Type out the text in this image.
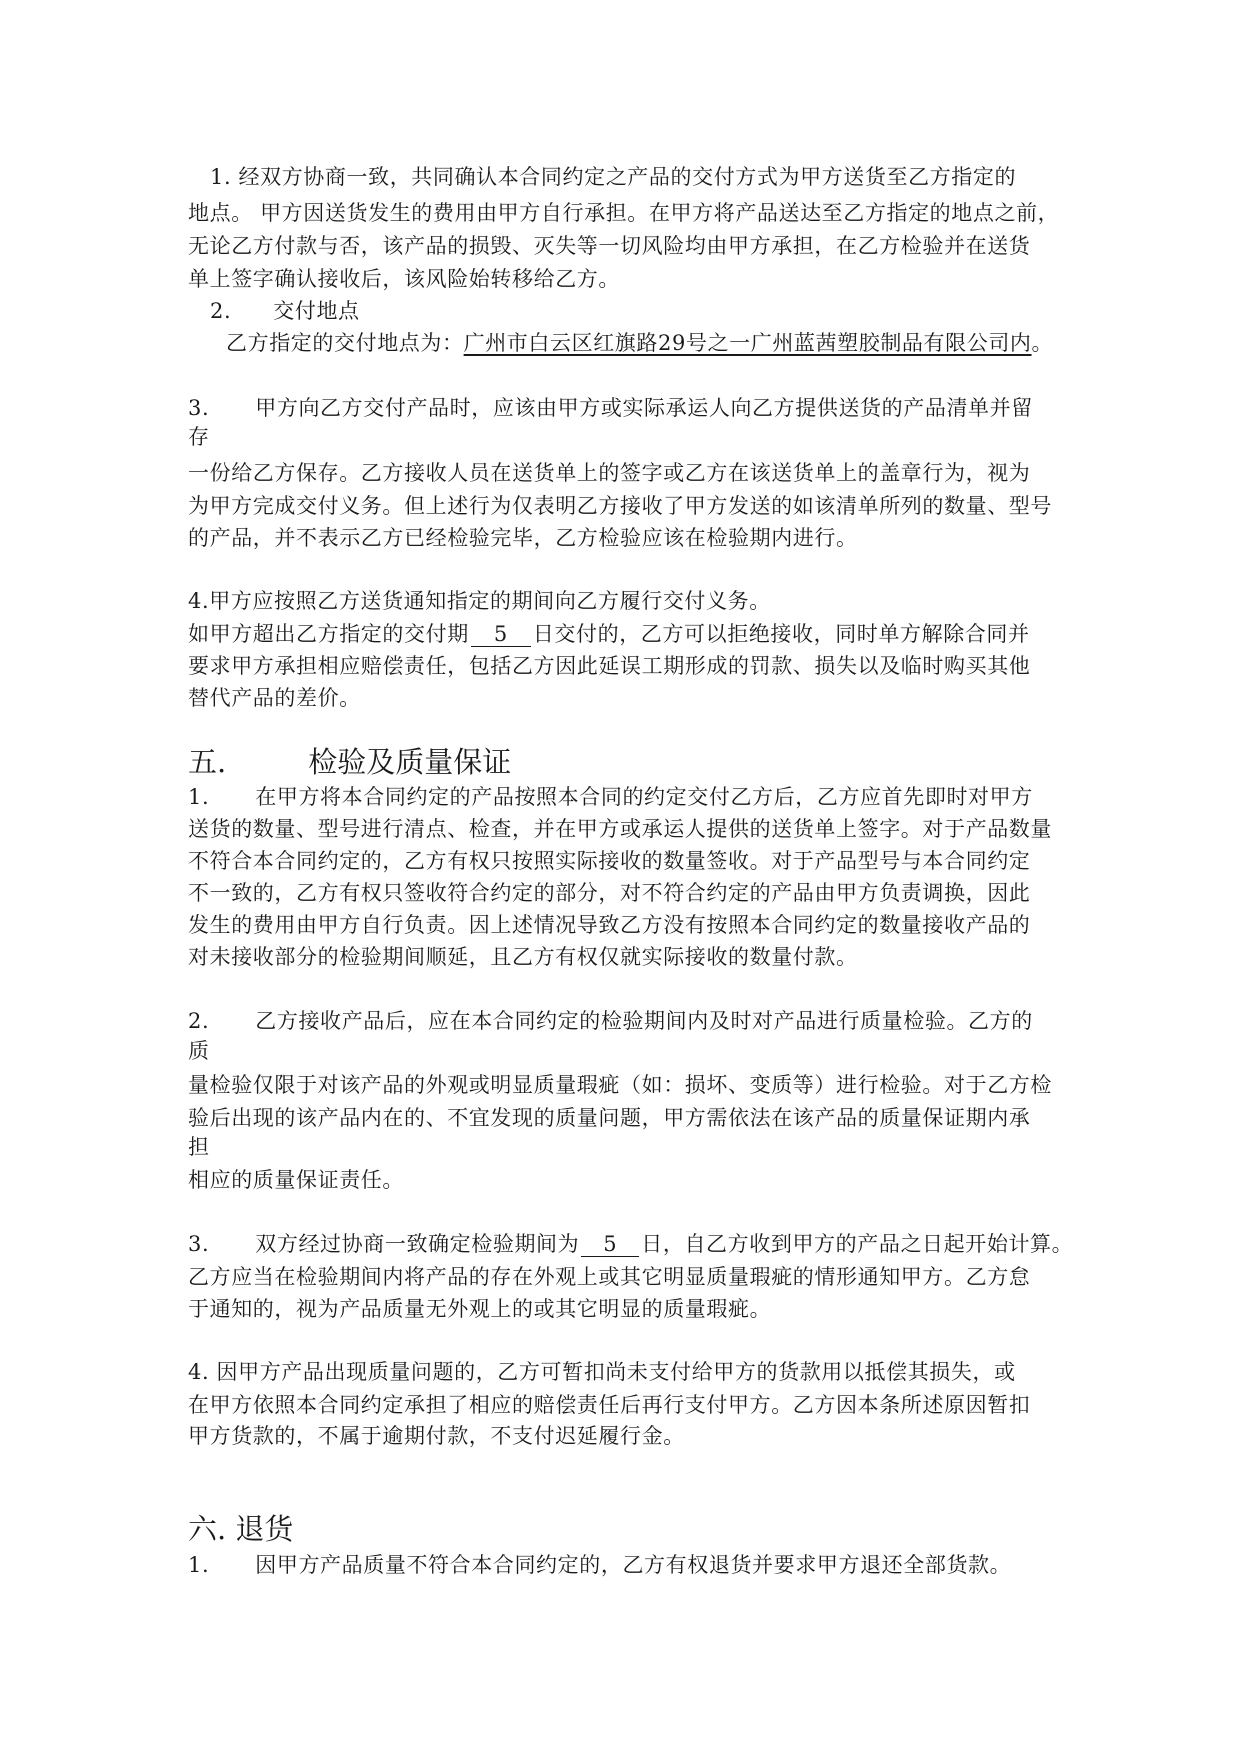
1. 经双方协商一致，共同确认本合同约定之产品的交付方式为甲方送货至乙方指定的
地点。 甲方因送货发生的费用由甲方自行承担。在甲方将产品送达至乙方指定的地点之前，
无论乙方付款与否，该产品的损毁、灭失等一切风险均由甲方承担，在乙方检验并在送货
单上签字确认接收后，该风险始转移给乙方。
2. 交付地点
乙方指定的交付地点为：广州市白云区红旗路29号之一广州蓝茜塑胶制品有限公司内。
3. 甲方向乙方交付产品时，应该由甲方或实际承运人向乙方提供送货的产品清单并留
存
一份给乙方保存。乙方接收人员在送货单上的签字或乙方在该送货单上的盖章行为，视为
为甲方完成交付义务。但上述行为仅表明乙方接收了甲方发送的如该清单所列的数量、型号
的产品，并不表示乙方已经检验完毕，乙方检验应该在检验期内进行。
4.甲方应按照乙方送货通知指定的期间向乙方履行交付义务。
如甲方超出乙方指定的交付期 5 日交付的，乙方可以拒绝接收，同时单方解除合同并
要求甲方承担相应赔偿责任，包括乙方因此延误工期形成的罚款、损失以及临时购买其他
替代产品的差价。
五.	检验及质量保证
1. 在甲方将本合同约定的产品按照本合同的约定交付乙方后，乙方应首先即时对甲方
送货的数量、型号进行清点、检查，并在甲方或承运人提供的送货单上签字。对于产品数量
不符合本合同约定的，乙方有权只按照实际接收的数量签收。对于产品型号与本合同约定
不一致的，乙方有权只签收符合约定的部分，对不符合约定的产品由甲方负责调换，因此
发生的费用由甲方自行负责。因上述情况导致乙方没有按照本合同约定的数量接收产品的
对未接收部分的检验期间顺延，且乙方有权仅就实际接收的数量付款。
2. 乙方接收产品后，应在本合同约定的检验期间内及时对产品进行质量检验。乙方的
质
量检验仅限于对该产品的外观或明显质量瑕疵（如：损坏、变质等）进行检验。对于乙方检
验后出现的该产品内在的、不宜发现的质量问题，甲方需依法在该产品的质量保证期内承
担
相应的质量保证责任。
3. 双方经过协商一致确定检验期间为 5 日，自乙方收到甲方的产品之日起开始计算。
乙方应当在检验期间内将产品的存在外观上或其它明显质量瑕疵的情形通知甲方。乙方怠
于通知的，视为产品质量无外观上的或其它明显的质量瑕疵。
4. 因甲方产品出现质量问题的，乙方可暂扣尚未支付给甲方的货款用以抵偿其损失，或
在甲方依照本合同约定承担了相应的赔偿责任后再行支付甲方。乙方因本条所述原因暂扣
甲方货款的，不属于逾期付款，不支付迟延履行金。
六. 退货
1. 因甲方产品质量不符合本合同约定的，乙方有权退货并要求甲方退还全部货款。
